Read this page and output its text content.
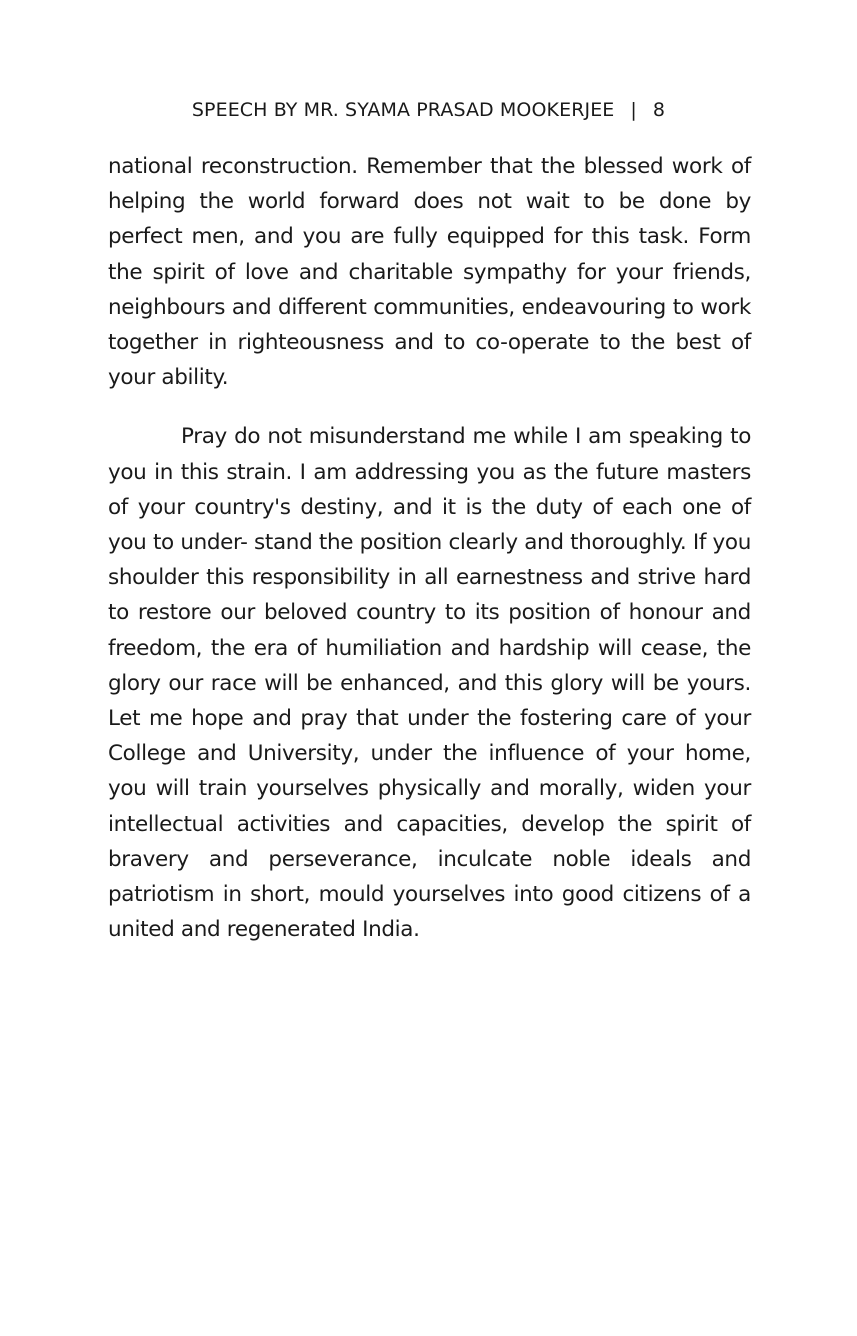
SPEECH BY MR. SYAMA PRASAD MOOKERJEE | 8

national reconstruction. Remember that the blessed work of helping the world forward does not wait to be done by perfect men, and you are fully equipped for this task. Form the spirit of love and charitable sympathy for your friends, neighbours and different communities, endeavouring to work together in righteousness and to co-operate to the best of your ability.

Pray do not misunderstand me while I am speaking to you in this strain. I am addressing you as the future masters of your country's destiny, and it is the duty of each one of you to under- stand the position clearly and thoroughly. If you shoulder this responsibility in all earnestness and strive hard to restore our beloved country to its position of honour and freedom, the era of humiliation and hardship will cease, the glory our race will be enhanced, and this glory will be yours. Let me hope and pray that under the fostering care of your College and University, under the influence of your home, you will train yourselves physically and morally, widen your intellectual activities and capacities, develop the spirit of bravery and perseverance, inculcate noble ideals and patriotism in short, mould yourselves into good citizens of a united and regenerated India.
